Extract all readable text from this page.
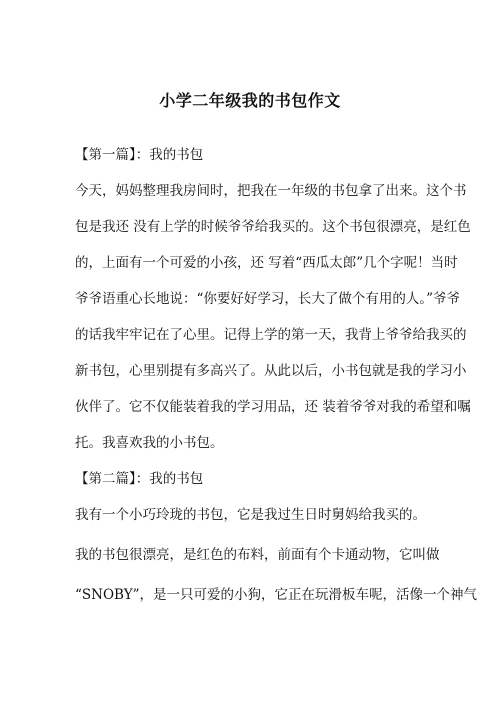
小学二年级我的书包作文
【第一篇】：我的书包
今天，妈妈整理我房间时，把我在一年级的书包拿了出来。这个书
包是我还 没有上学的时候爷爷给我买的。这个书包很漂亮，是红色
的，上面有一个可爱的小孩，还 写着“西瓜太郎”几个字呢！当时
爷爷语重心长地说：“你要好好学习，长大了做个有用的人。”爷爷
的话我牢牢记在了心里。记得上学的第一天，我背上爷爷给我买的
新书包，心里别提有多高兴了。从此以后，小书包就是我的学习小
伙伴了。它不仅能装着我的学习用品，还 装着爷爷对我的希望和嘱
托。我喜欢我的小书包。
【第二篇】：我的书包
我有一个小巧玲珑的书包，它是我过生日时舅妈给我买的。
我的书包很漂亮，是红色的布料，前面有个卡通动物，它叫做
“SNOBY”，是一只可爱的小狗，它正在玩滑板车呢，活像一个神气
